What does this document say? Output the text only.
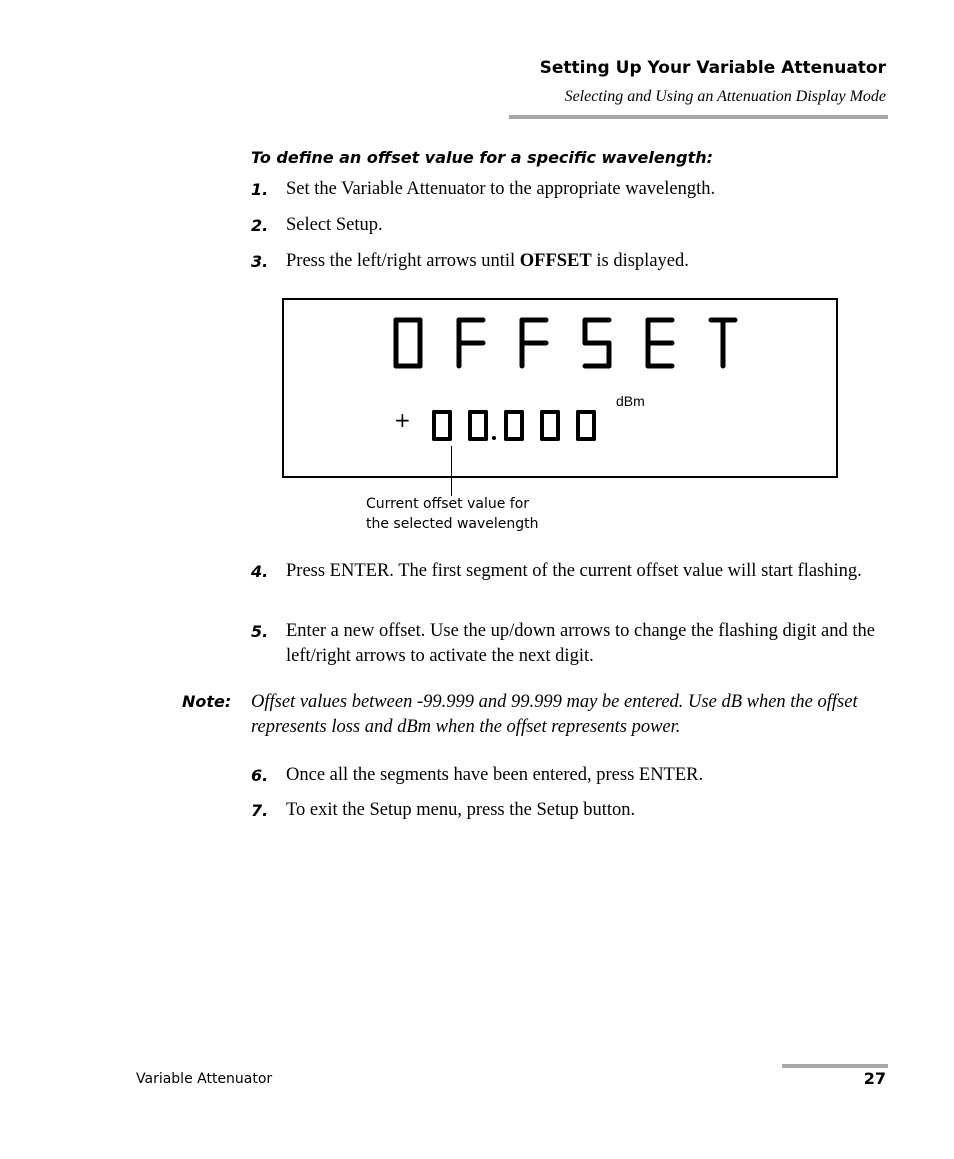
Setting Up Your Variable Attenuator
Selecting and Using an Attenuation Display Mode
To define an offset value for a specific wavelength:
1. Set the Variable Attenuator to the appropriate wavelength.
2. Select Setup.
3. Press the left/right arrows until OFFSET is displayed.
+
dBm
Current offset value for
the selected wavelength
4. Press ENTER. The first segment of the current offset value will start flashing.
5. Enter a new offset. Use the up/down arrows to change the flashing digit and the left/right arrows to activate the next digit.
Note: Offset values between -99.999 and 99.999 may be entered. Use dB when the offset represents loss and dBm when the offset represents power.
6. Once all the segments have been entered, press ENTER.
7. To exit the Setup menu, press the Setup button.
Variable Attenuator	27
